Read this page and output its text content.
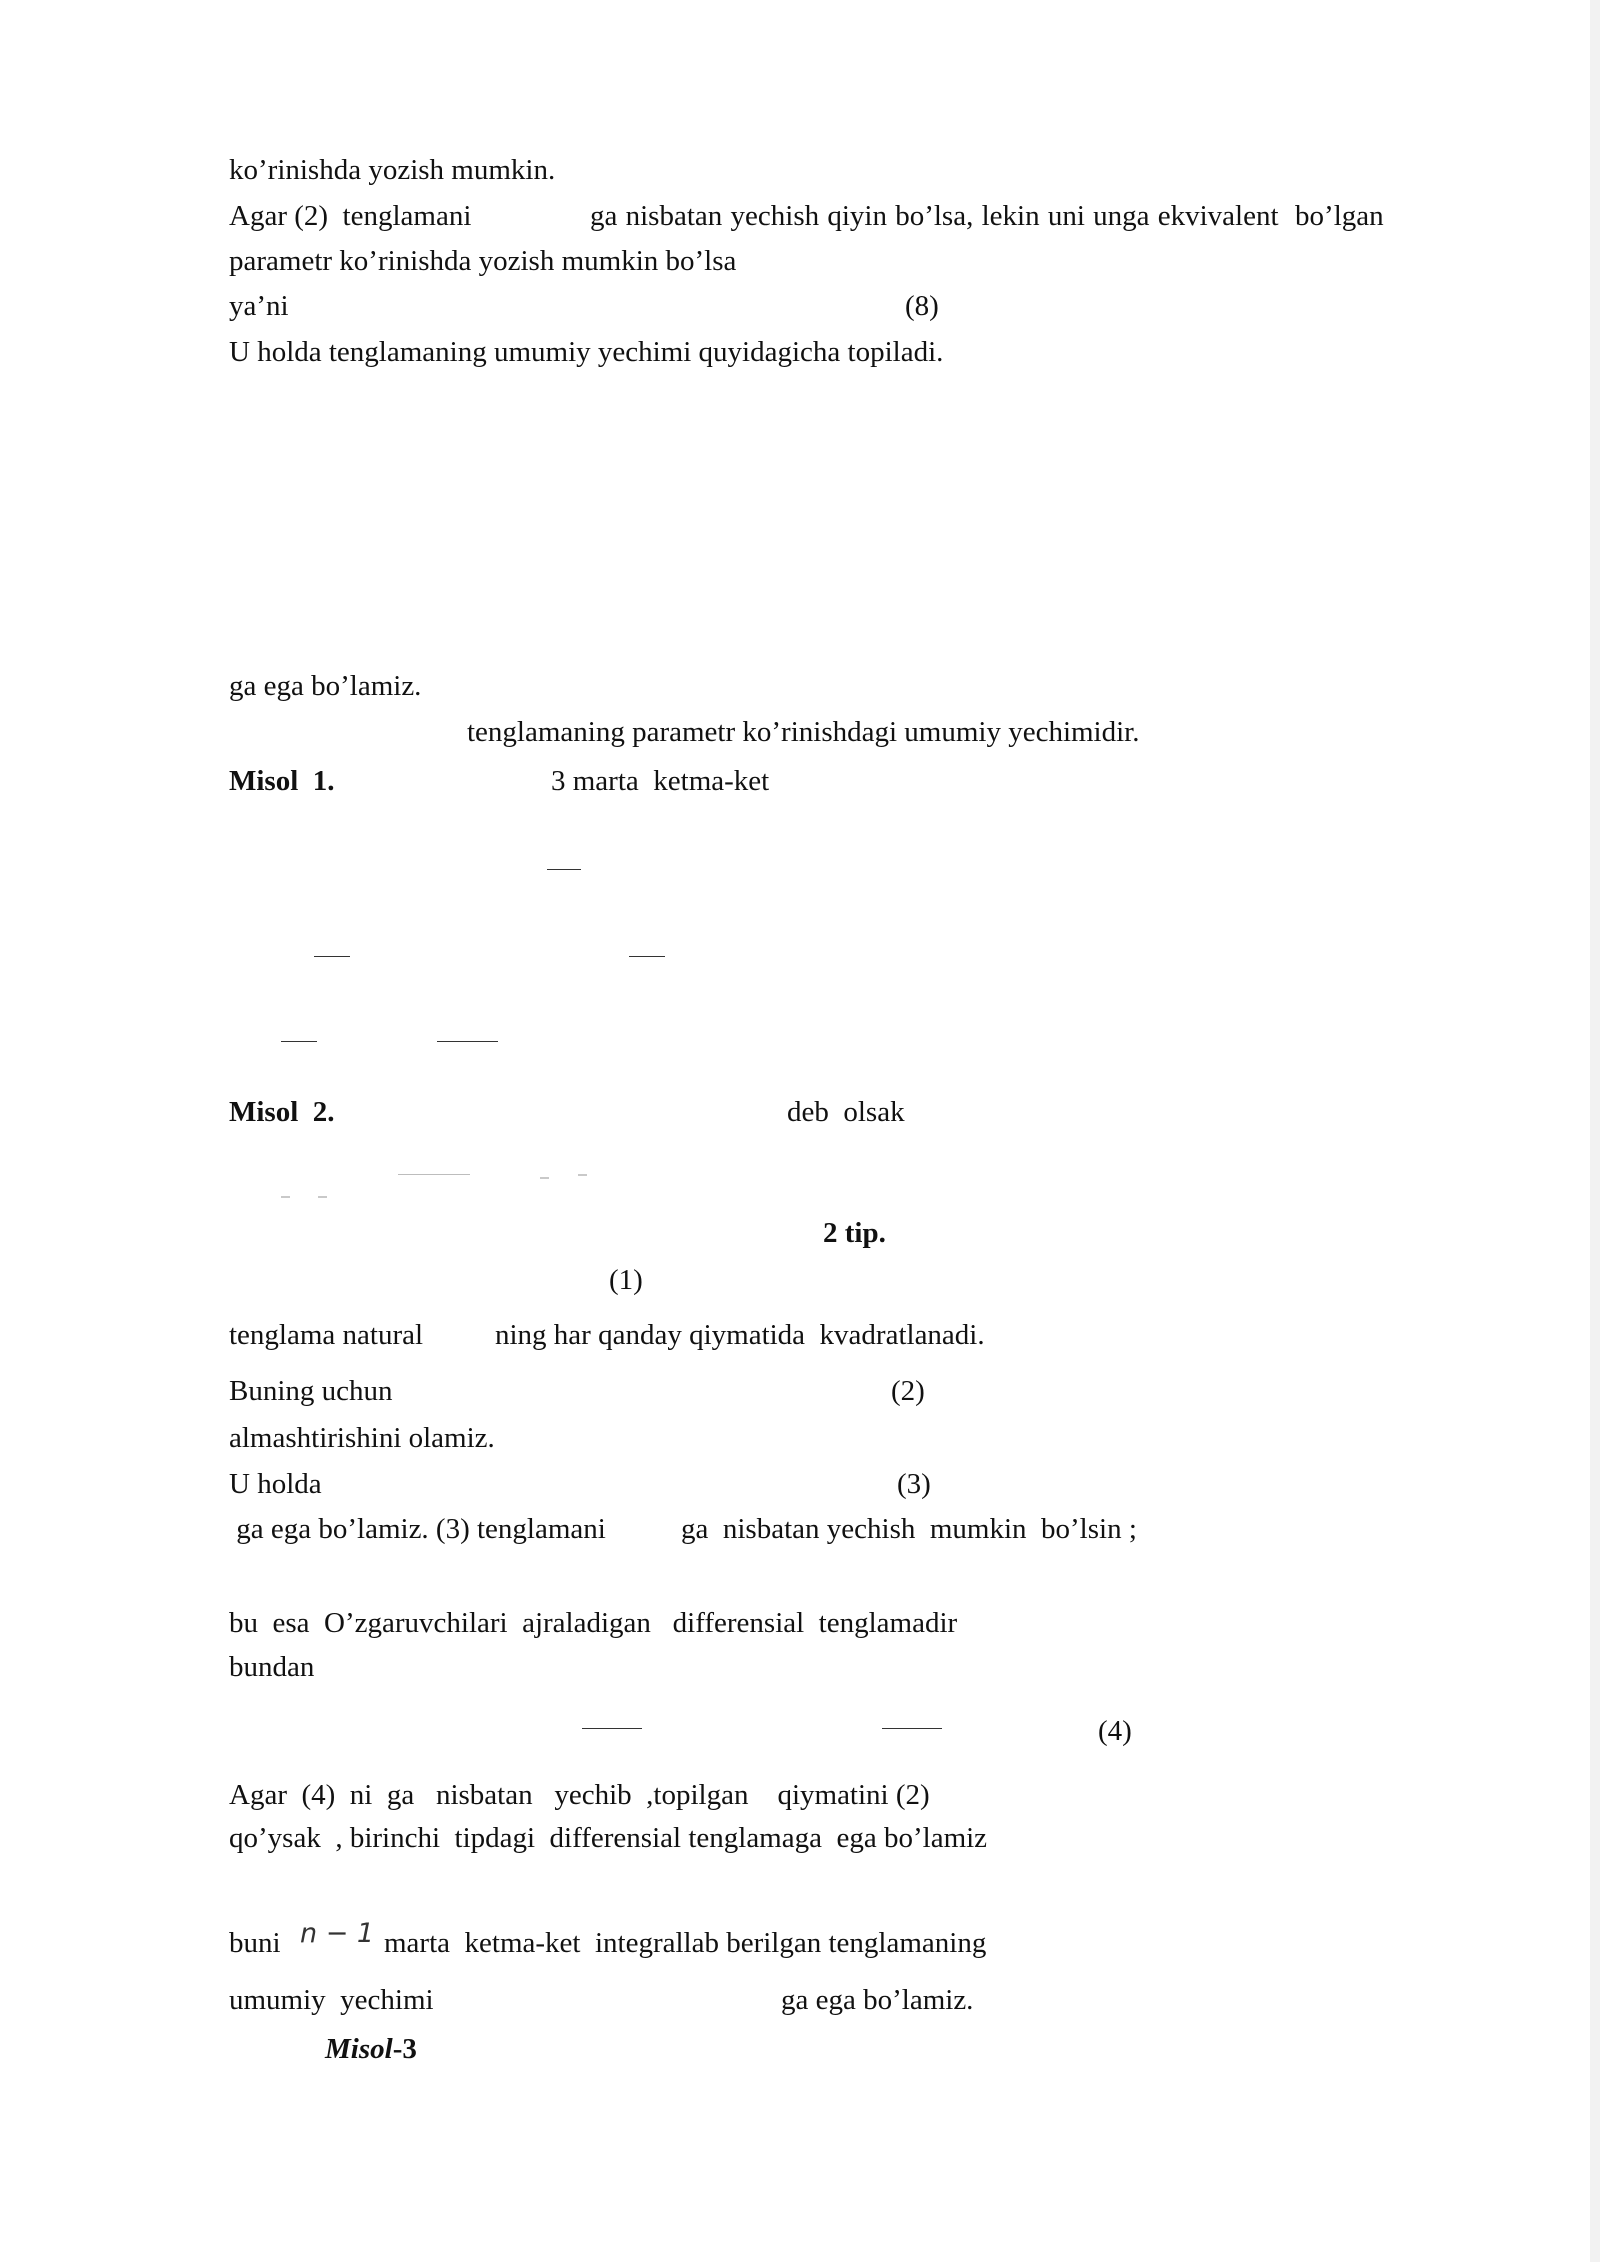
ko’rinishda yozish mumkin.
Agar (2)  tenglamani	ga nisbatan yechish qiyin bo’lsa, lekin uni unga ekvivalent  bo’lgan
parametr ko’rinishda yozish mumkin bo’lsa
ya’ni	(8)
U holda tenglamaning umumiy yechimi quyidagicha topiladi.
ga ega bo’lamiz.
tenglamaning parametr ko’rinishdagi umumiy yechimidir.
Misol  1.	3 marta  ketma-ket
Misol  2.	deb  olsak
2 tip.
(1)
tenglama natural ning har qanday qiymatida  kvadratlanadi.
Buning uchun	(2)
almashtirishini olamiz.
U holda	(3)
ga ega bo’lamiz. (3) tenglamani	ga  nisbatan yechish  mumkin  bo’lsin ;
bu  esa  O’zgaruvchilari  ajraladigan   differensial  tenglamadir
bundan
(4)
Agar  (4)  ni  ga   nisbatan   yechib  ,topilgan    qiymatini (2)
qo’ysak  , birinchi  tipdagi  differensial tenglamaga  ega bo’lamiz
buni n − 1 marta  ketma-ket  integrallab berilgan tenglamaning
umumiy  yechimi	ga ega bo’lamiz.
Misol-3
